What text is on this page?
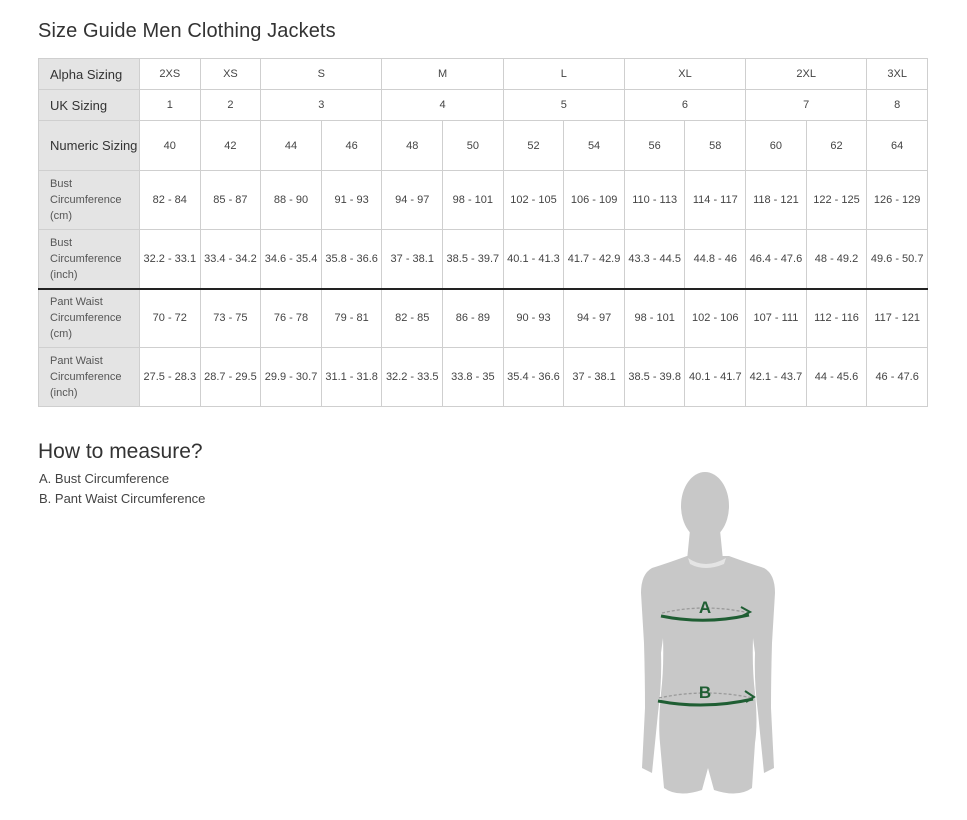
Size Guide Men Clothing Jackets
Alpha Sizing	2XS	XS	S		M		L		XL		2XL		3XL
UK Sizing	1	2	3		4		5		6		7		8
Numeric Sizing	40	42	44	46	48	50	52	54	56	58	60	62	64
Bust Circumference (cm)	82 - 84	85 - 87	88 - 90	91 - 93	94 - 97	98 - 101	102 - 105	106 - 109	110 - 113	114 - 117	118 - 121	122 - 125	126 - 129
Bust Circumference (inch)	32.2 - 33.1	33.4 - 34.2	34.6 - 35.4	35.8 - 36.6	37 - 38.1	38.5 - 39.7	40.1 - 41.3	41.7 - 42.9	43.3 - 44.5	44.8 - 46	46.4 - 47.6	48 - 49.2	49.6 - 50.7
Pant Waist Circumference (cm)	70 - 72	73 - 75	76 - 78	79 - 81	82 - 85	86 - 89	90 - 93	94 - 97	98 - 101	102 - 106	107 - 111	112 - 116	117 - 121
Pant Waist Circumference (inch)	27.5 - 28.3	28.7 - 29.5	29.9 - 30.7	31.1 - 31.8	32.2 - 33.5	33.8 - 35	35.4 - 36.6	37 - 38.1	38.5 - 39.8	40.1 - 41.7	42.1 - 43.7	44 - 45.6	46 - 47.6
How to measure?
A. Bust Circumference
B. Pant Waist Circumference
A
B
